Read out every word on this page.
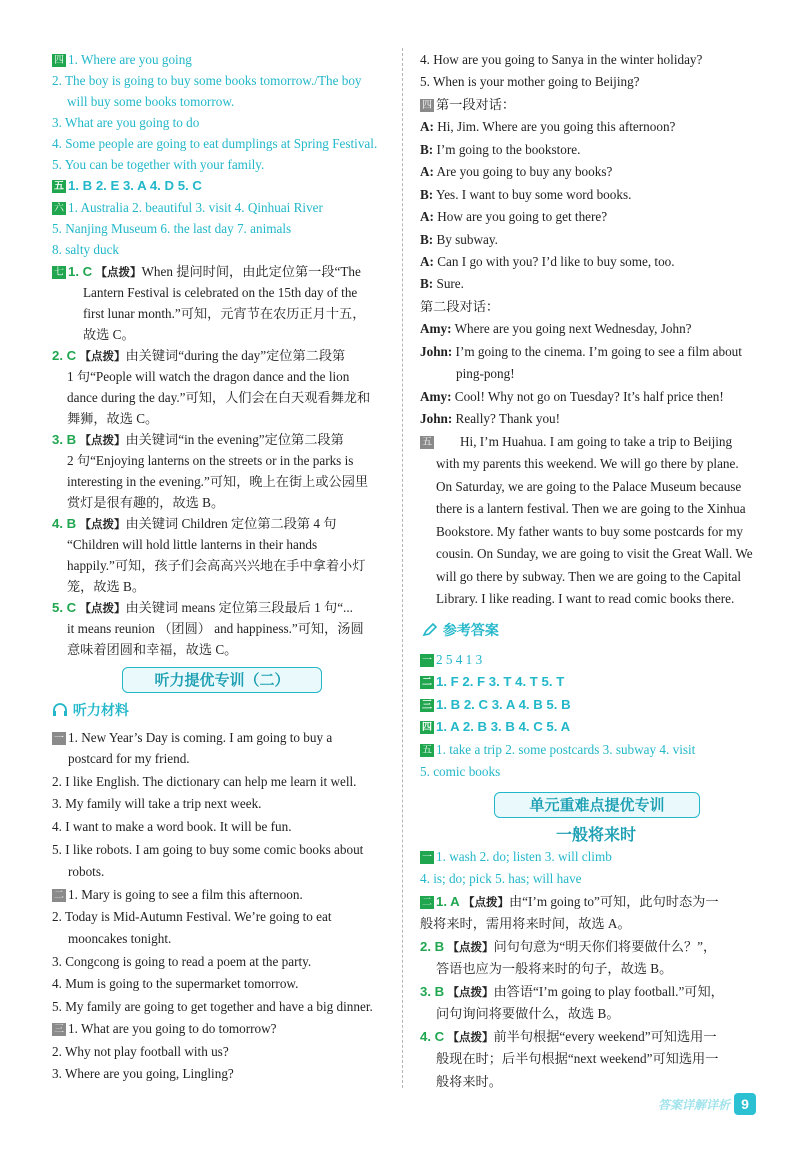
四 1. Where are you going
2. The boy is going to buy some books tomorrow./The boy
will buy some books tomorrow.
3. What are you going to do
4. Some people are going to eat dumplings at Spring Festival.
5. You can be together with your family.
五 1. B 2. E 3. A 4. D 5. C
六 1. Australia 2. beautiful 3. visit 4. Qinhuai River
5. Nanjing Museum 6. the last day 7. animals
8. salty duck
七 1. C 【点拨】When 提问时间，由此定位第一段“The
Lantern Festival is celebrated on the 15th day of the
first lunar month.”可知，元宵节在农历正月十五，
故选 C。
2. C 【点拨】由关键词“during the day”定位第二段第
1 句“People will watch the dragon dance and the lion
dance during the day.”可知，人们会在白天观看舞龙和
舞狮，故选 C。
3. B 【点拨】由关键词“in the evening”定位第二段第
2 句“Enjoying lanterns on the streets or in the parks is
interesting in the evening.”可知，晚上在街上或公园里
赏灯是很有趣的，故选 B。
4. B 【点拨】由关键词 Children 定位第二段第 4 句
“Children will hold little lanterns in their hands
happily.”可知，孩子们会高高兴兴地在手中拿着小灯
笼，故选 B。
5. C 【点拨】由关键词 means 定位第三段最后 1 句“...
it means reunion （团圆） and happiness.”可知，汤圆
意味着团圆和幸福，故选 C。
听力提优专训（二）
听力材料
一 1. New Year’s Day is coming. I am going to buy a
postcard for my friend.
2. I like English. The dictionary can help me learn it well.
3. My family will take a trip next week.
4. I want to make a word book. It will be fun.
5. I like robots. I am going to buy some comic books about
robots.
二 1. Mary is going to see a film this afternoon.
2. Today is Mid-Autumn Festival. We’re going to eat
mooncakes tonight.
3. Congcong is going to read a poem at the party.
4. Mum is going to the supermarket tomorrow.
5. My family are going to get together and have a big dinner.
三 1. What are you going to do tomorrow?
2. Why not play football with us?
3. Where are you going, Lingling?
4. How are you going to Sanya in the winter holiday?
5. When is your mother going to Beijing?
四 第一段对话：
A: Hi, Jim. Where are you going this afternoon?
B: I’m going to the bookstore.
A: Are you going to buy any books?
B: Yes. I want to buy some word books.
A: How are you going to get there?
B: By subway.
A: Can I go with you? I’d like to buy some, too.
B: Sure.
第二段对话：
Amy: Where are you going next Wednesday, John?
John: I’m going to the cinema. I’m going to see a film about
ping-pong!
Amy: Cool! Why not go on Tuesday? It’s half price then!
John: Really? Thank you!
五 Hi, I’m Huahua. I am going to take a trip to Beijing
with my parents this weekend. We will go there by plane.
On Saturday, we are going to the Palace Museum because
there is a lantern festival. Then we are going to the Xinhua
Bookstore. My father wants to buy some postcards for my
cousin. On Sunday, we are going to visit the Great Wall. We
will go there by subway. Then we are going to the Capital
Library. I like reading. I want to read comic books there.
参考答案
一 2 5 4 1 3
二 1. F 2. F 3. T 4. T 5. T
三 1. B 2. C 3. A 4. B 5. B
四 1. A 2. B 3. B 4. C 5. A
五 1. take a trip 2. some postcards 3. subway 4. visit
5. comic books
单元重难点提优专训
一般将来时
一 1. wash 2. do; listen 3. will climb
4. is; do; pick 5. has; will have
二 1. A 【点拨】由“I’m going to”可知，此句时态为一
般将来时，需用将来时间，故选 A。
2. B 【点拨】问句句意为“明天你们将要做什么？”，
答语也应为一般将来时的句子，故选 B。
3. B 【点拨】由答语“I’m going to play football.”可知，
问句询问将要做什么，故选 B。
4. C 【点拨】前半句根据“every weekend”可知选用一
般现在时；后半句根据“next weekend”可知选用一
般将来时。
答案详解详析 9
